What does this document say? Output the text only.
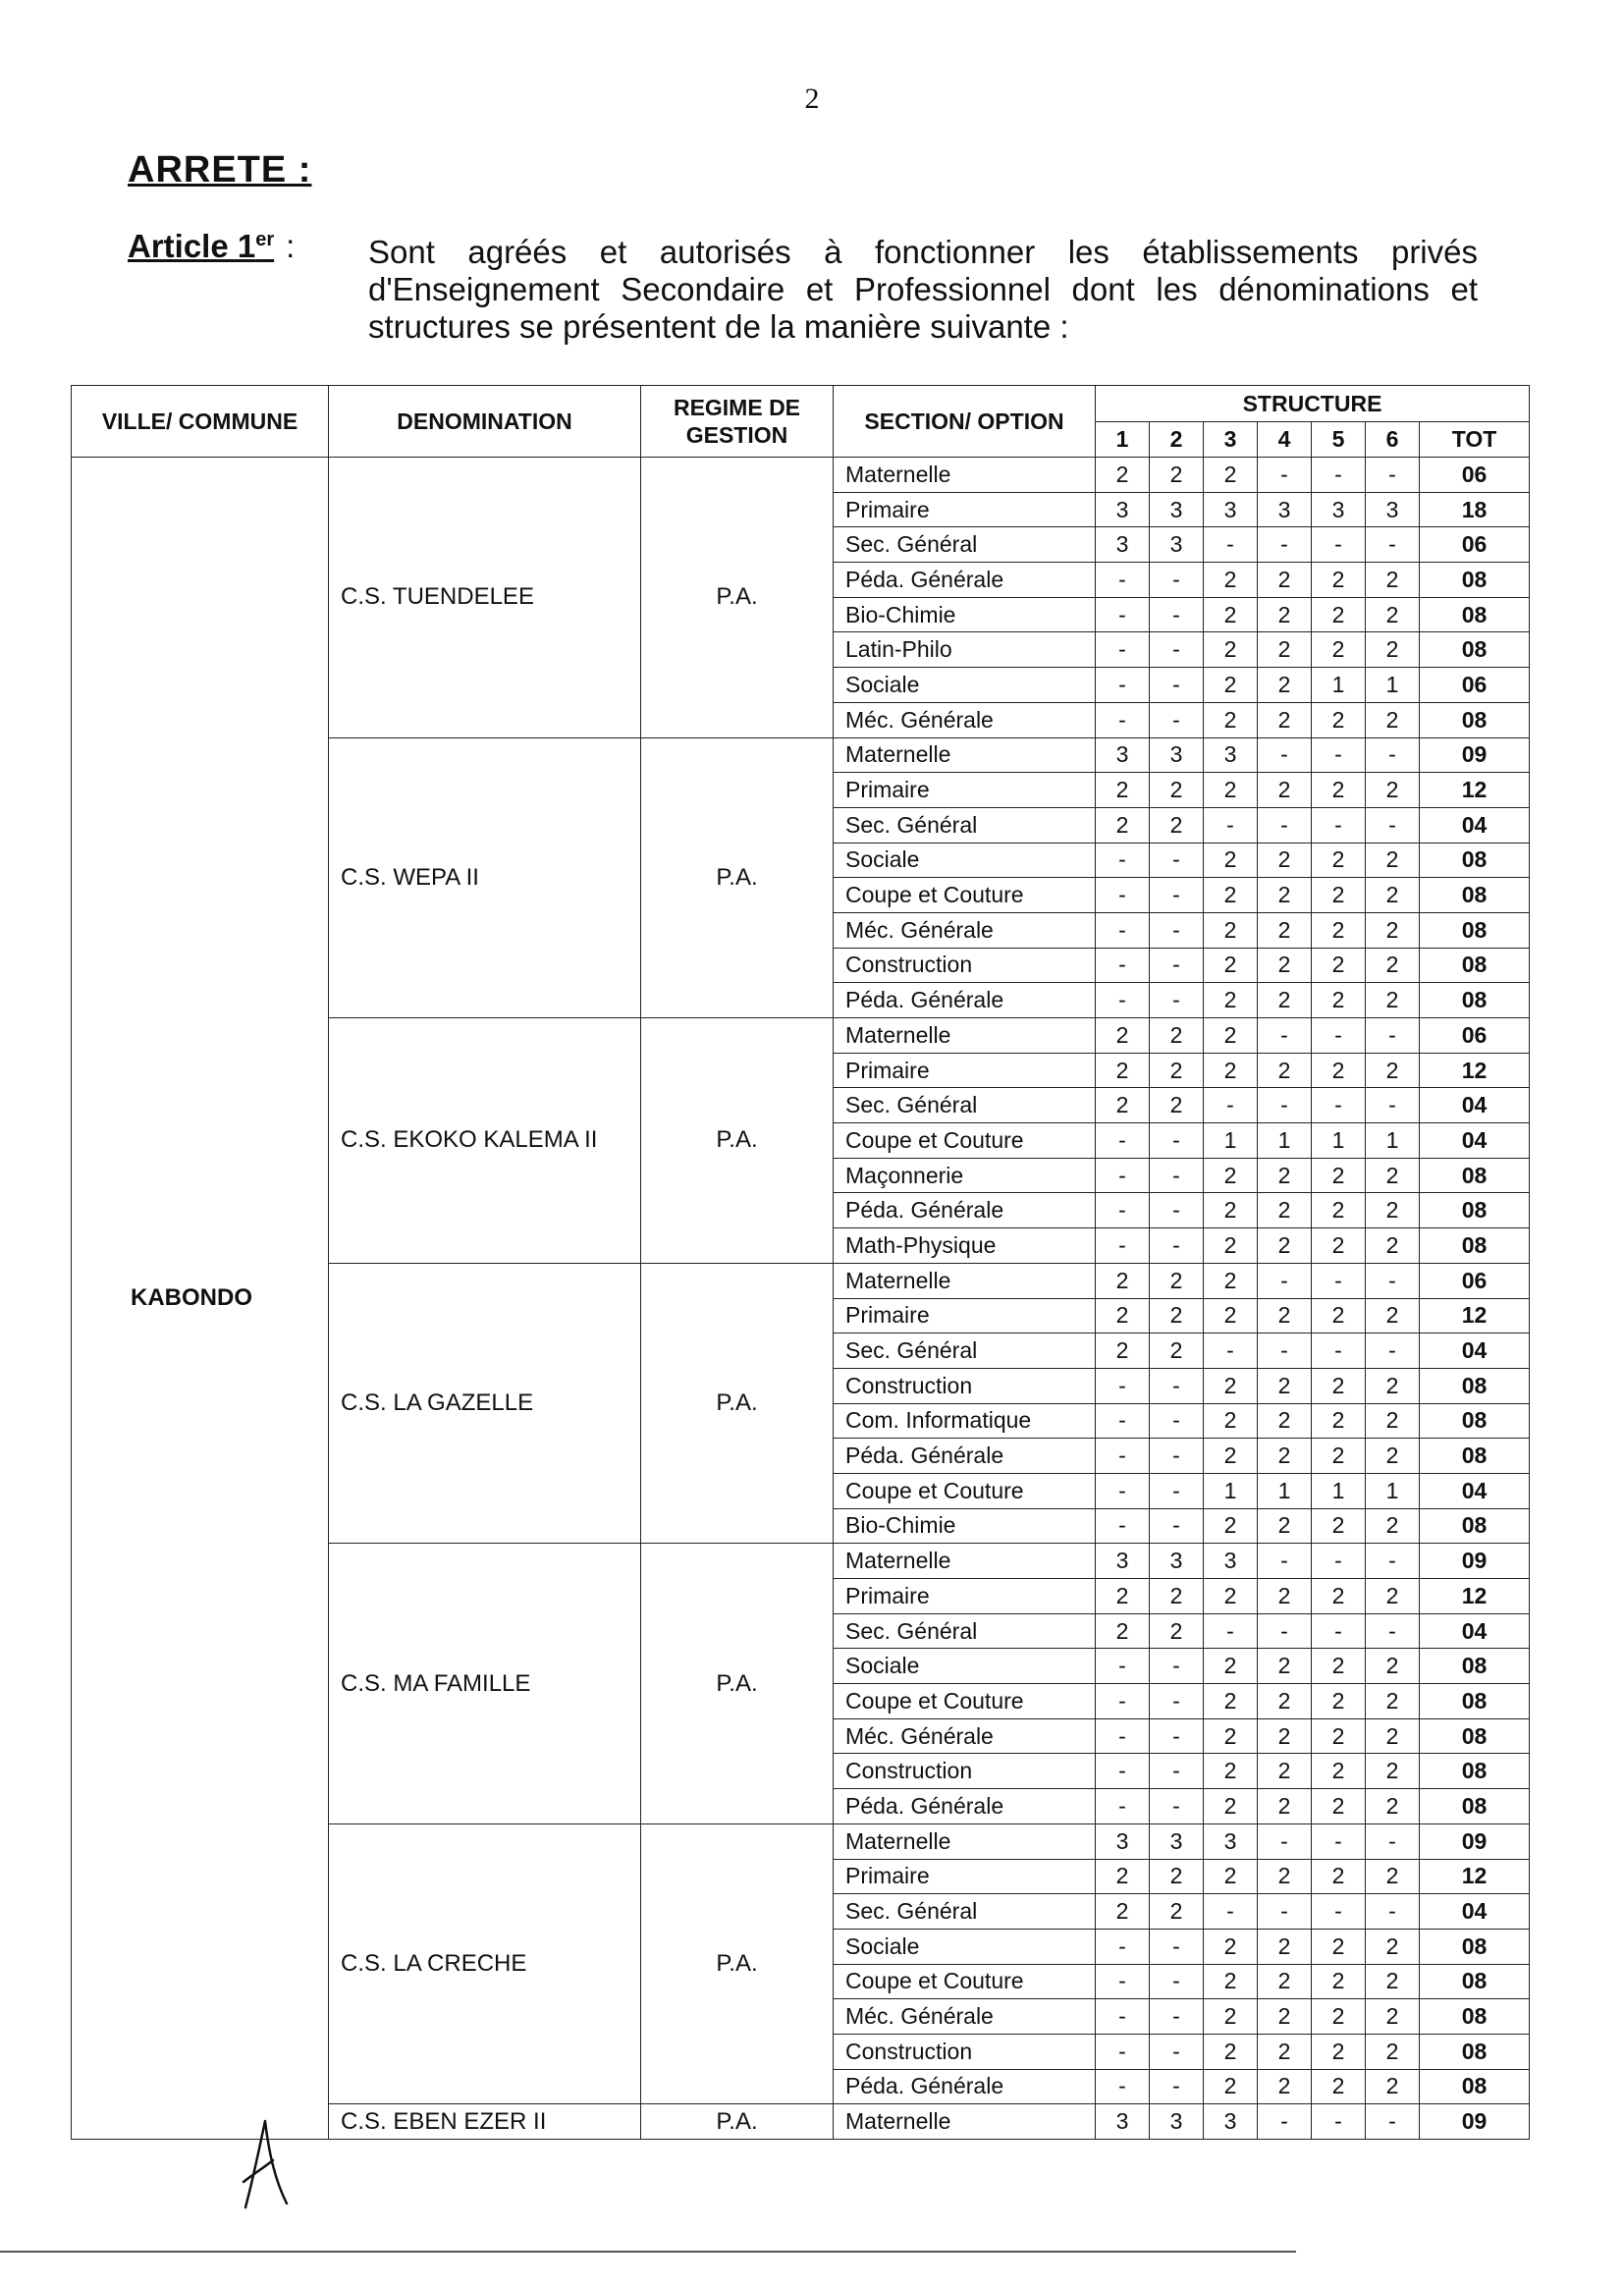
2
ARRETE :
Article 1er : Sont agréés et autorisés à fonctionner les établissements privés d'Enseignement Secondaire et Professionnel dont les dénominations et structures se présentent de la manière suivante :
VILLE/ COMMUNE	DENOMINATION	REGIME DE GESTION	SECTION/ OPTION	STRUCTURE						
				1	2	3	4	5	6	TOT
KABONDO	C.S. TUENDELEE	P.A.	Maternelle	2	2	2	-	-	-	06
			Primaire	3	3	3	3	3	3	18
			Sec. Général	3	3	-	-	-	-	06
			Péda. Générale	-	-	2	2	2	2	08
			Bio-Chimie	-	-	2	2	2	2	08
			Latin-Philo	-	-	2	2	2	2	08
			Sociale	-	-	2	2	1	1	06
			Méc. Générale	-	-	2	2	2	2	08
	C.S. WEPA II	P.A.	Maternelle	3	3	3	-	-	-	09
			Primaire	2	2	2	2	2	2	12
			Sec. Général	2	2	-	-	-	-	04
			Sociale	-	-	2	2	2	2	08
			Coupe et Couture	-	-	2	2	2	2	08
			Méc. Générale	-	-	2	2	2	2	08
			Construction	-	-	2	2	2	2	08
			Péda. Générale	-	-	2	2	2	2	08
	C.S. EKOKO KALEMA II	P.A.	Maternelle	2	2	2	-	-	-	06
			Primaire	2	2	2	2	2	2	12
			Sec. Général	2	2	-	-	-	-	04
			Coupe et Couture	-	-	1	1	1	1	04
			Maçonnerie	-	-	2	2	2	2	08
			Péda. Générale	-	-	2	2	2	2	08
			Math-Physique	-	-	2	2	2	2	08
	C.S. LA GAZELLE	P.A.	Maternelle	2	2	2	-	-	-	06
			Primaire	2	2	2	2	2	2	12
			Sec. Général	2	2	-	-	-	-	04
			Construction	-	-	2	2	2	2	08
			Com. Informatique	-	-	2	2	2	2	08
			Péda. Générale	-	-	2	2	2	2	08
			Coupe et Couture	-	-	1	1	1	1	04
			Bio-Chimie	-	-	2	2	2	2	08
	C.S. MA FAMILLE	P.A.	Maternelle	3	3	3	-	-	-	09
			Primaire	2	2	2	2	2	2	12
			Sec. Général	2	2	-	-	-	-	04
			Sociale	-	-	2	2	2	2	08
			Coupe et Couture	-	-	2	2	2	2	08
			Méc. Générale	-	-	2	2	2	2	08
			Construction	-	-	2	2	2	2	08
			Péda. Générale	-	-	2	2	2	2	08
	C.S. LA CRECHE	P.A.	Maternelle	3	3	3	-	-	-	09
			Primaire	2	2	2	2	2	2	12
			Sec. Général	2	2	-	-	-	-	04
			Sociale	-	-	2	2	2	2	08
			Coupe et Couture	-	-	2	2	2	2	08
			Méc. Générale	-	-	2	2	2	2	08
			Construction	-	-	2	2	2	2	08
			Péda. Générale	-	-	2	2	2	2	08
	C.S. EBEN EZER II	P.A.	Maternelle	3	3	3	-	-	-	09
